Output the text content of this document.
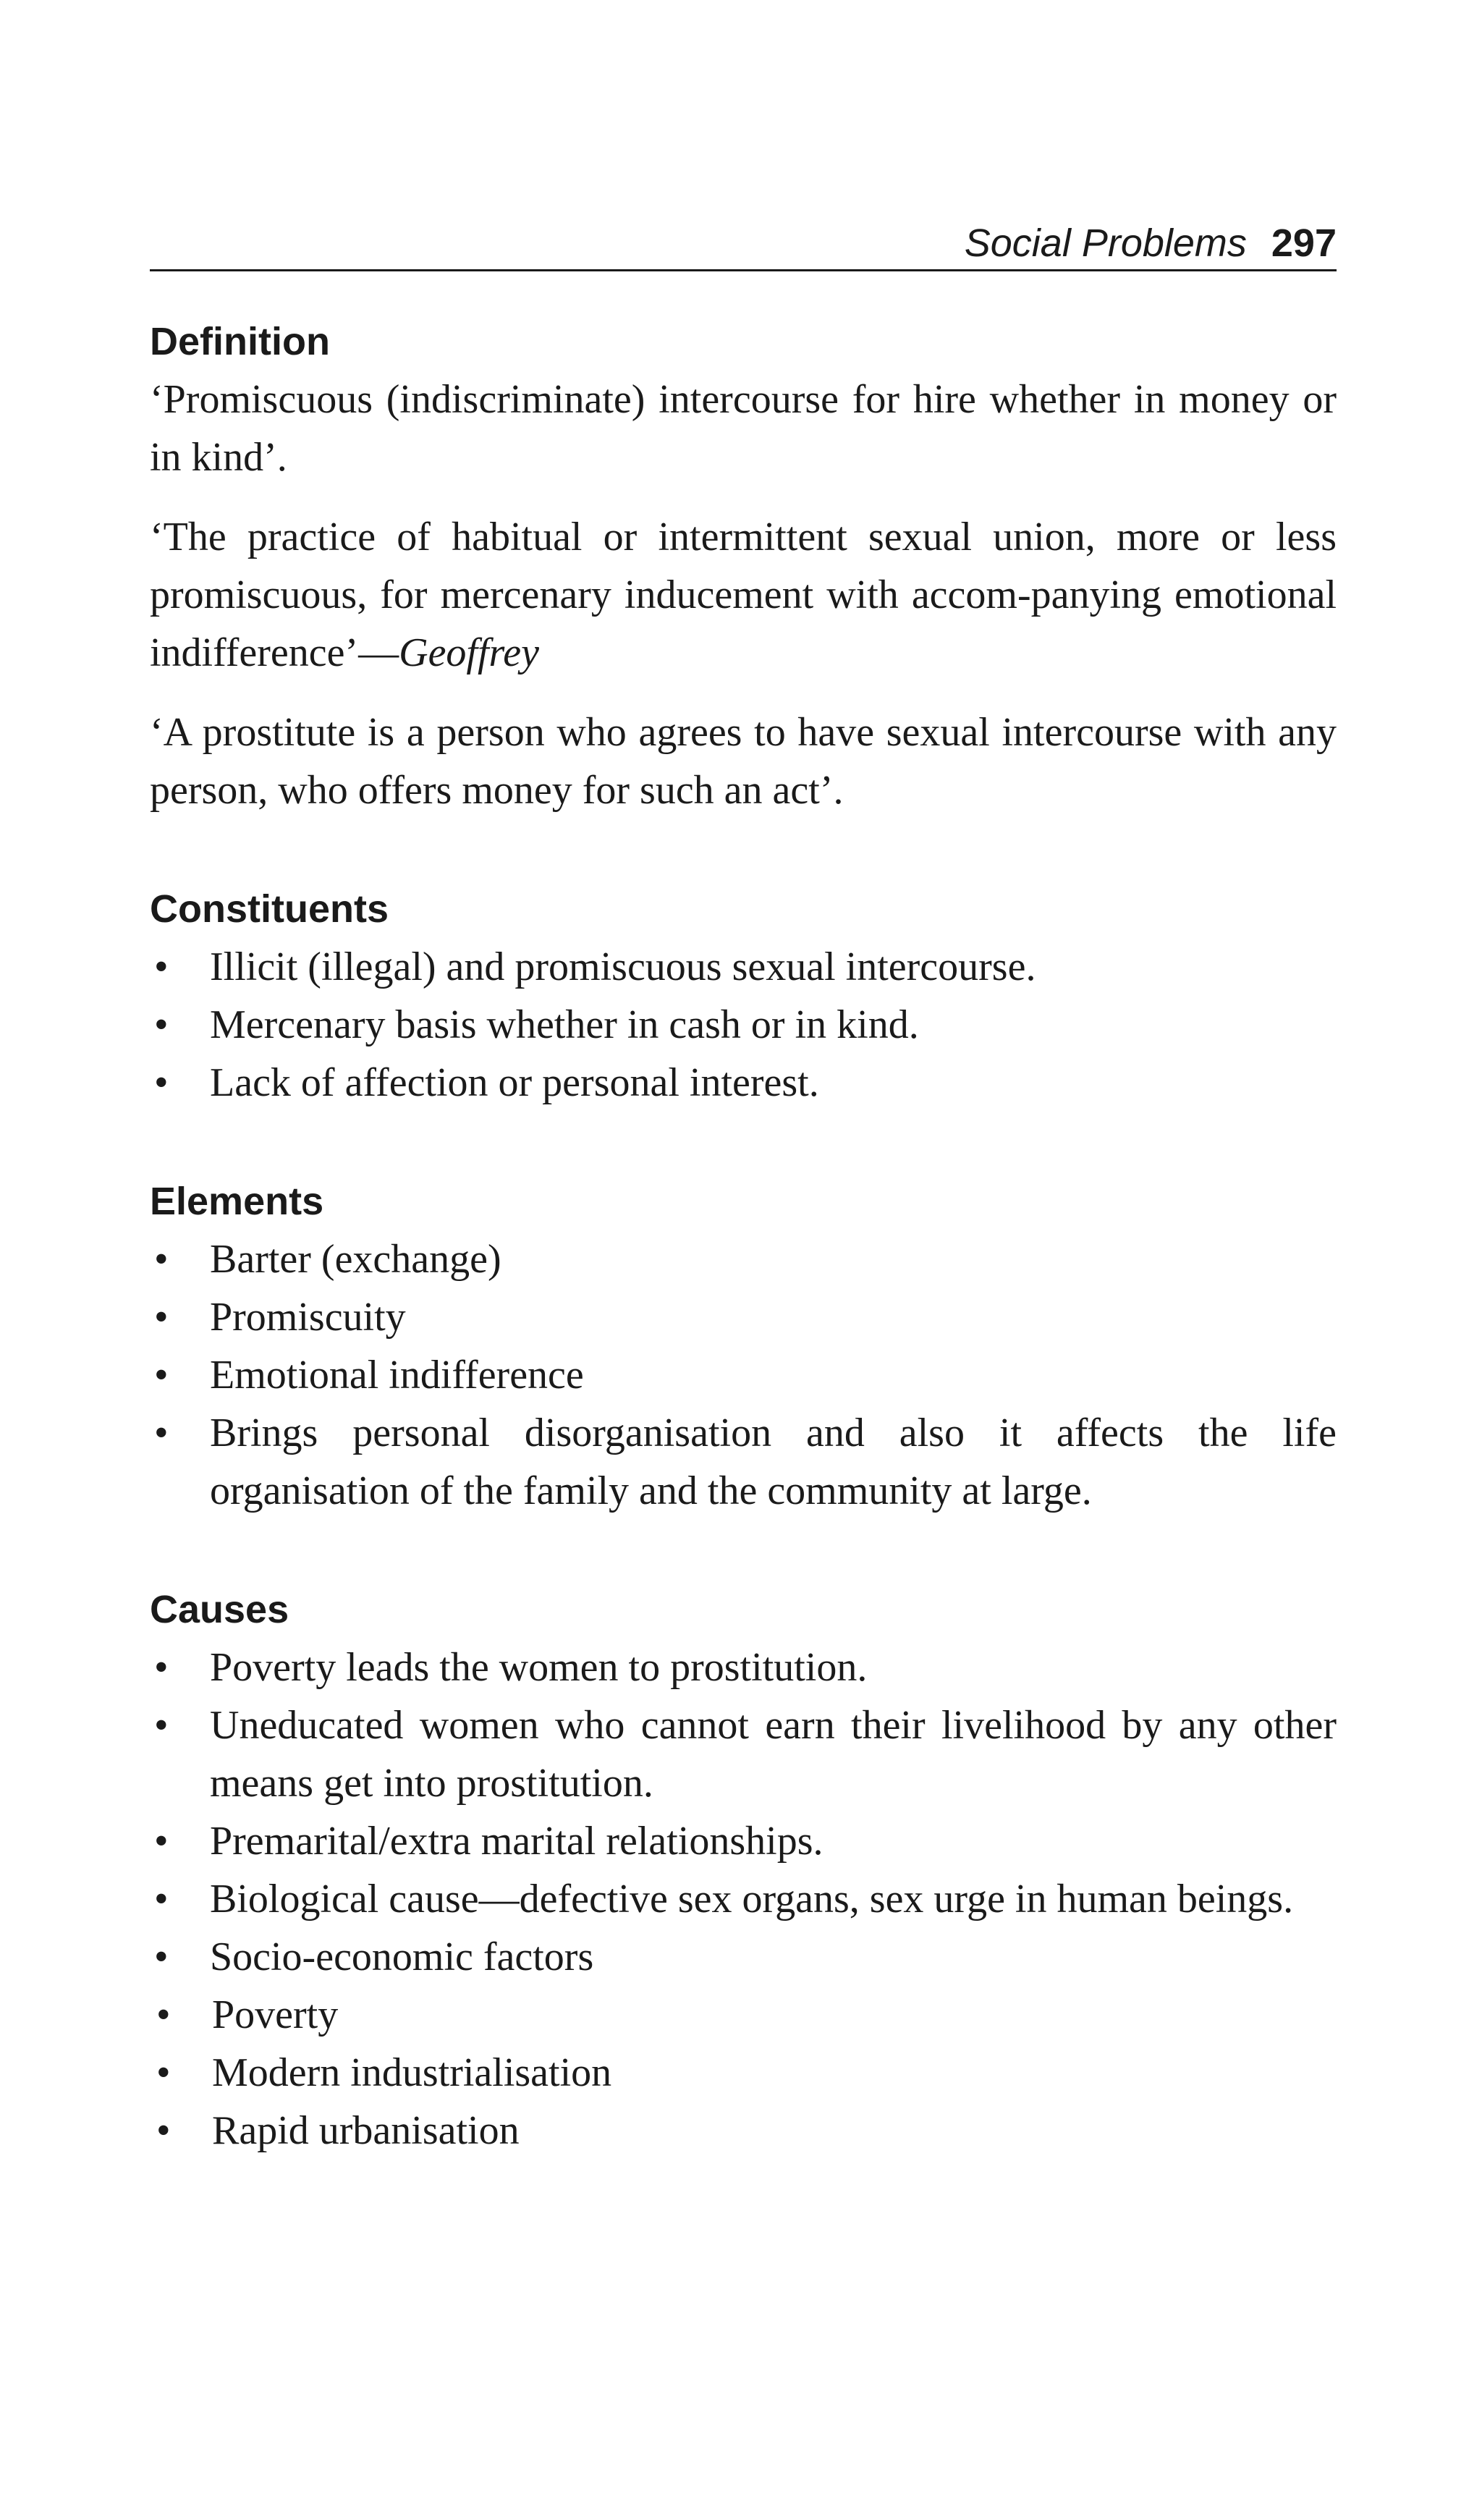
Social Problems 297
Definition

‘Promiscuous (indiscriminate) intercourse for hire whether in money or in kind’.

‘The practice of habitual or intermittent sexual union, more or less promiscuous, for mercenary inducement with accom-panying emotional indifference’—Geoffrey

‘A prostitute is a person who agrees to have sexual intercourse with any person, who offers money for such an act’.

Constituents
• Illicit (illegal) and promiscuous sexual intercourse.
• Mercenary basis whether in cash or in kind.
• Lack of affection or personal interest.
Elements
• Barter (exchange)
• Promiscuity
• Emotional indifference
• Brings personal disorganisation and also it affects the life organisation of the family and the community at large.
Causes
• Poverty leads the women to prostitution.
• Uneducated women who cannot earn their livelihood by any other means get into prostitution.
• Premarital/extra marital relationships.
• Biological cause—defective sex organs, sex urge in human beings.
• Socio-economic factors
• Poverty
• Modern industrialisation
• Rapid urbanisation
